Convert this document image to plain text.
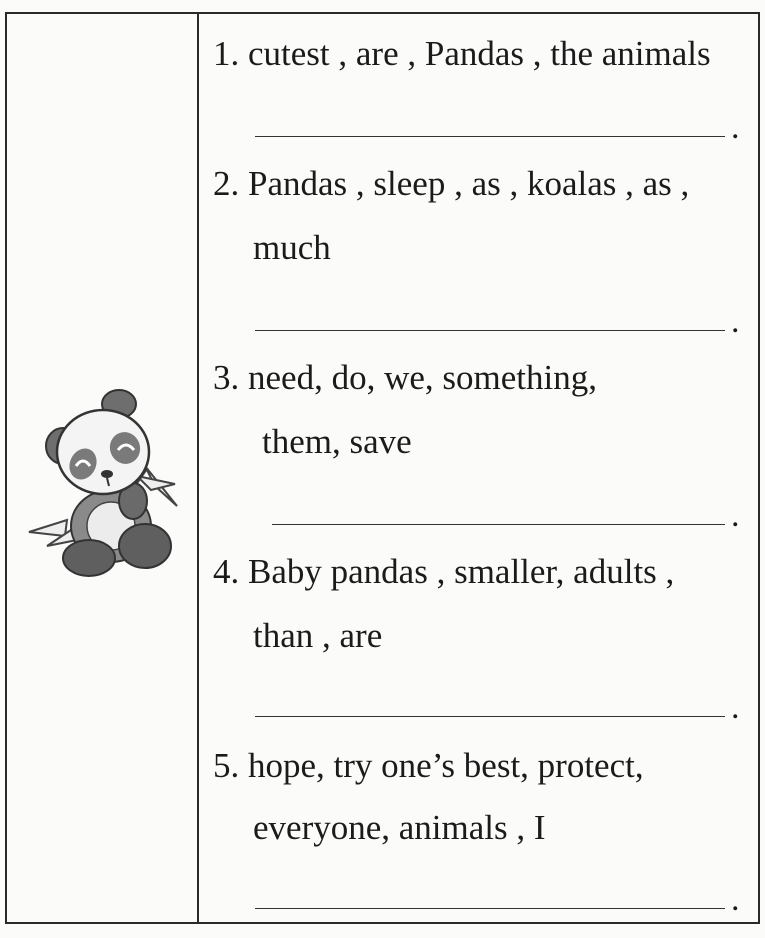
1. cutest , are , Pandas , the animals
.
2. Pandas , sleep , as , koalas , as ,
much
.
3. need, do, we, something,
them, save
.
4. Baby pandas , smaller, adults ,
than , are
.
5. hope, try one’s best, protect,
everyone, animals , I
.
